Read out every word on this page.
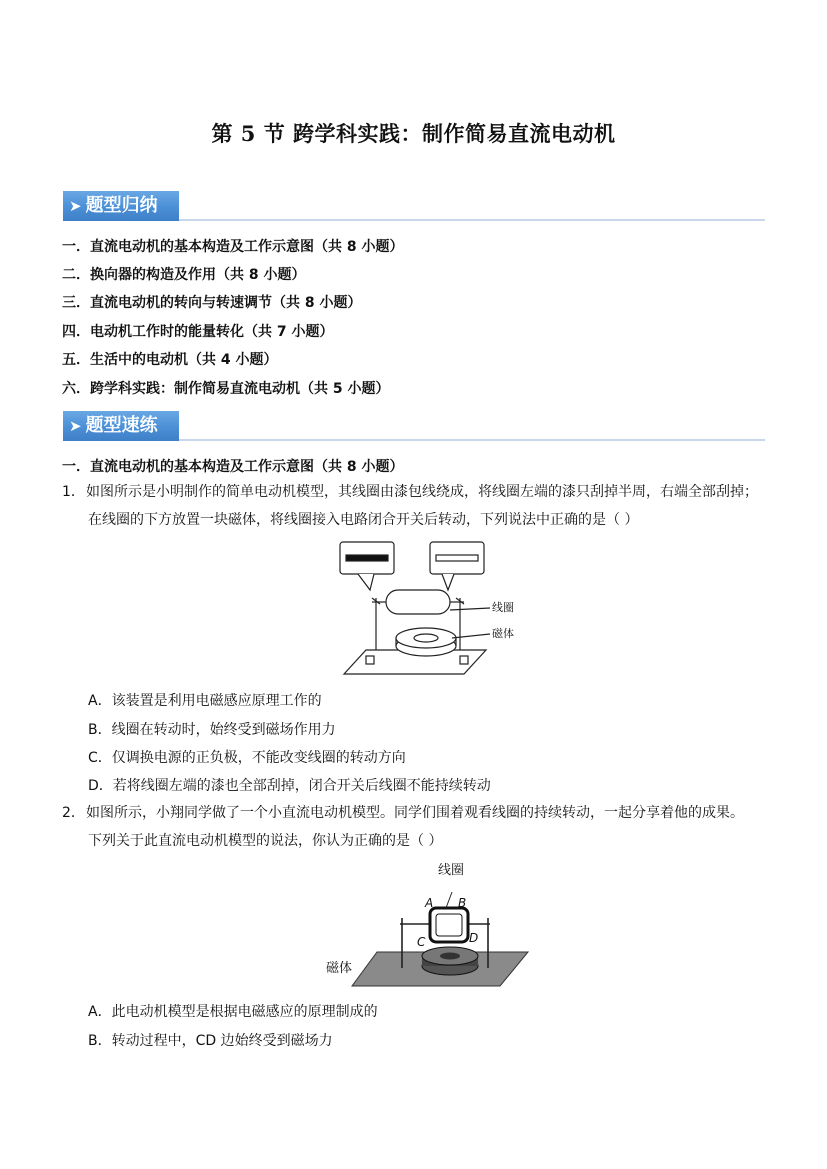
第 5 节 跨学科实践：制作简易直流电动机
➤ 题型归纳
一．直流电动机的基本构造及工作示意图（共 8 小题）
二．换向器的构造及作用（共 8 小题）
三．直流电动机的转向与转速调节（共 8 小题）
四．电动机工作时的能量转化（共 7 小题）
五．生活中的电动机（共 4 小题）
六．跨学科实践：制作简易直流电动机（共 5 小题）
➤ 题型速练
一．直流电动机的基本构造及工作示意图（共 8 小题）
1．如图所示是小明制作的简单电动机模型，其线圈由漆包线绕成，将线圈左端的漆只刮掉半周，右端全部刮掉；
在线圈的下方放置一块磁体，将线圈接入电路闭合开关后转动，下列说法中正确的是（ ）
线圈
磁体
A．该装置是利用电磁感应原理工作的
B．线圈在转动时，始终受到磁场作用力
C．仅调换电源的正负极，不能改变线圈的转动方向
D．若将线圈左端的漆也全部刮掉，闭合开关后线圈不能持续转动
2．如图所示，小翔同学做了一个小直流电动机模型。同学们围着观看线圈的持续转动，一起分享着他的成果。
下列关于此直流电动机模型的说法，你认为正确的是（ ）
线圈
A B
C	D
磁体
A．此电动机模型是根据电磁感应的原理制成的
B．转动过程中，CD 边始终受到磁场力
